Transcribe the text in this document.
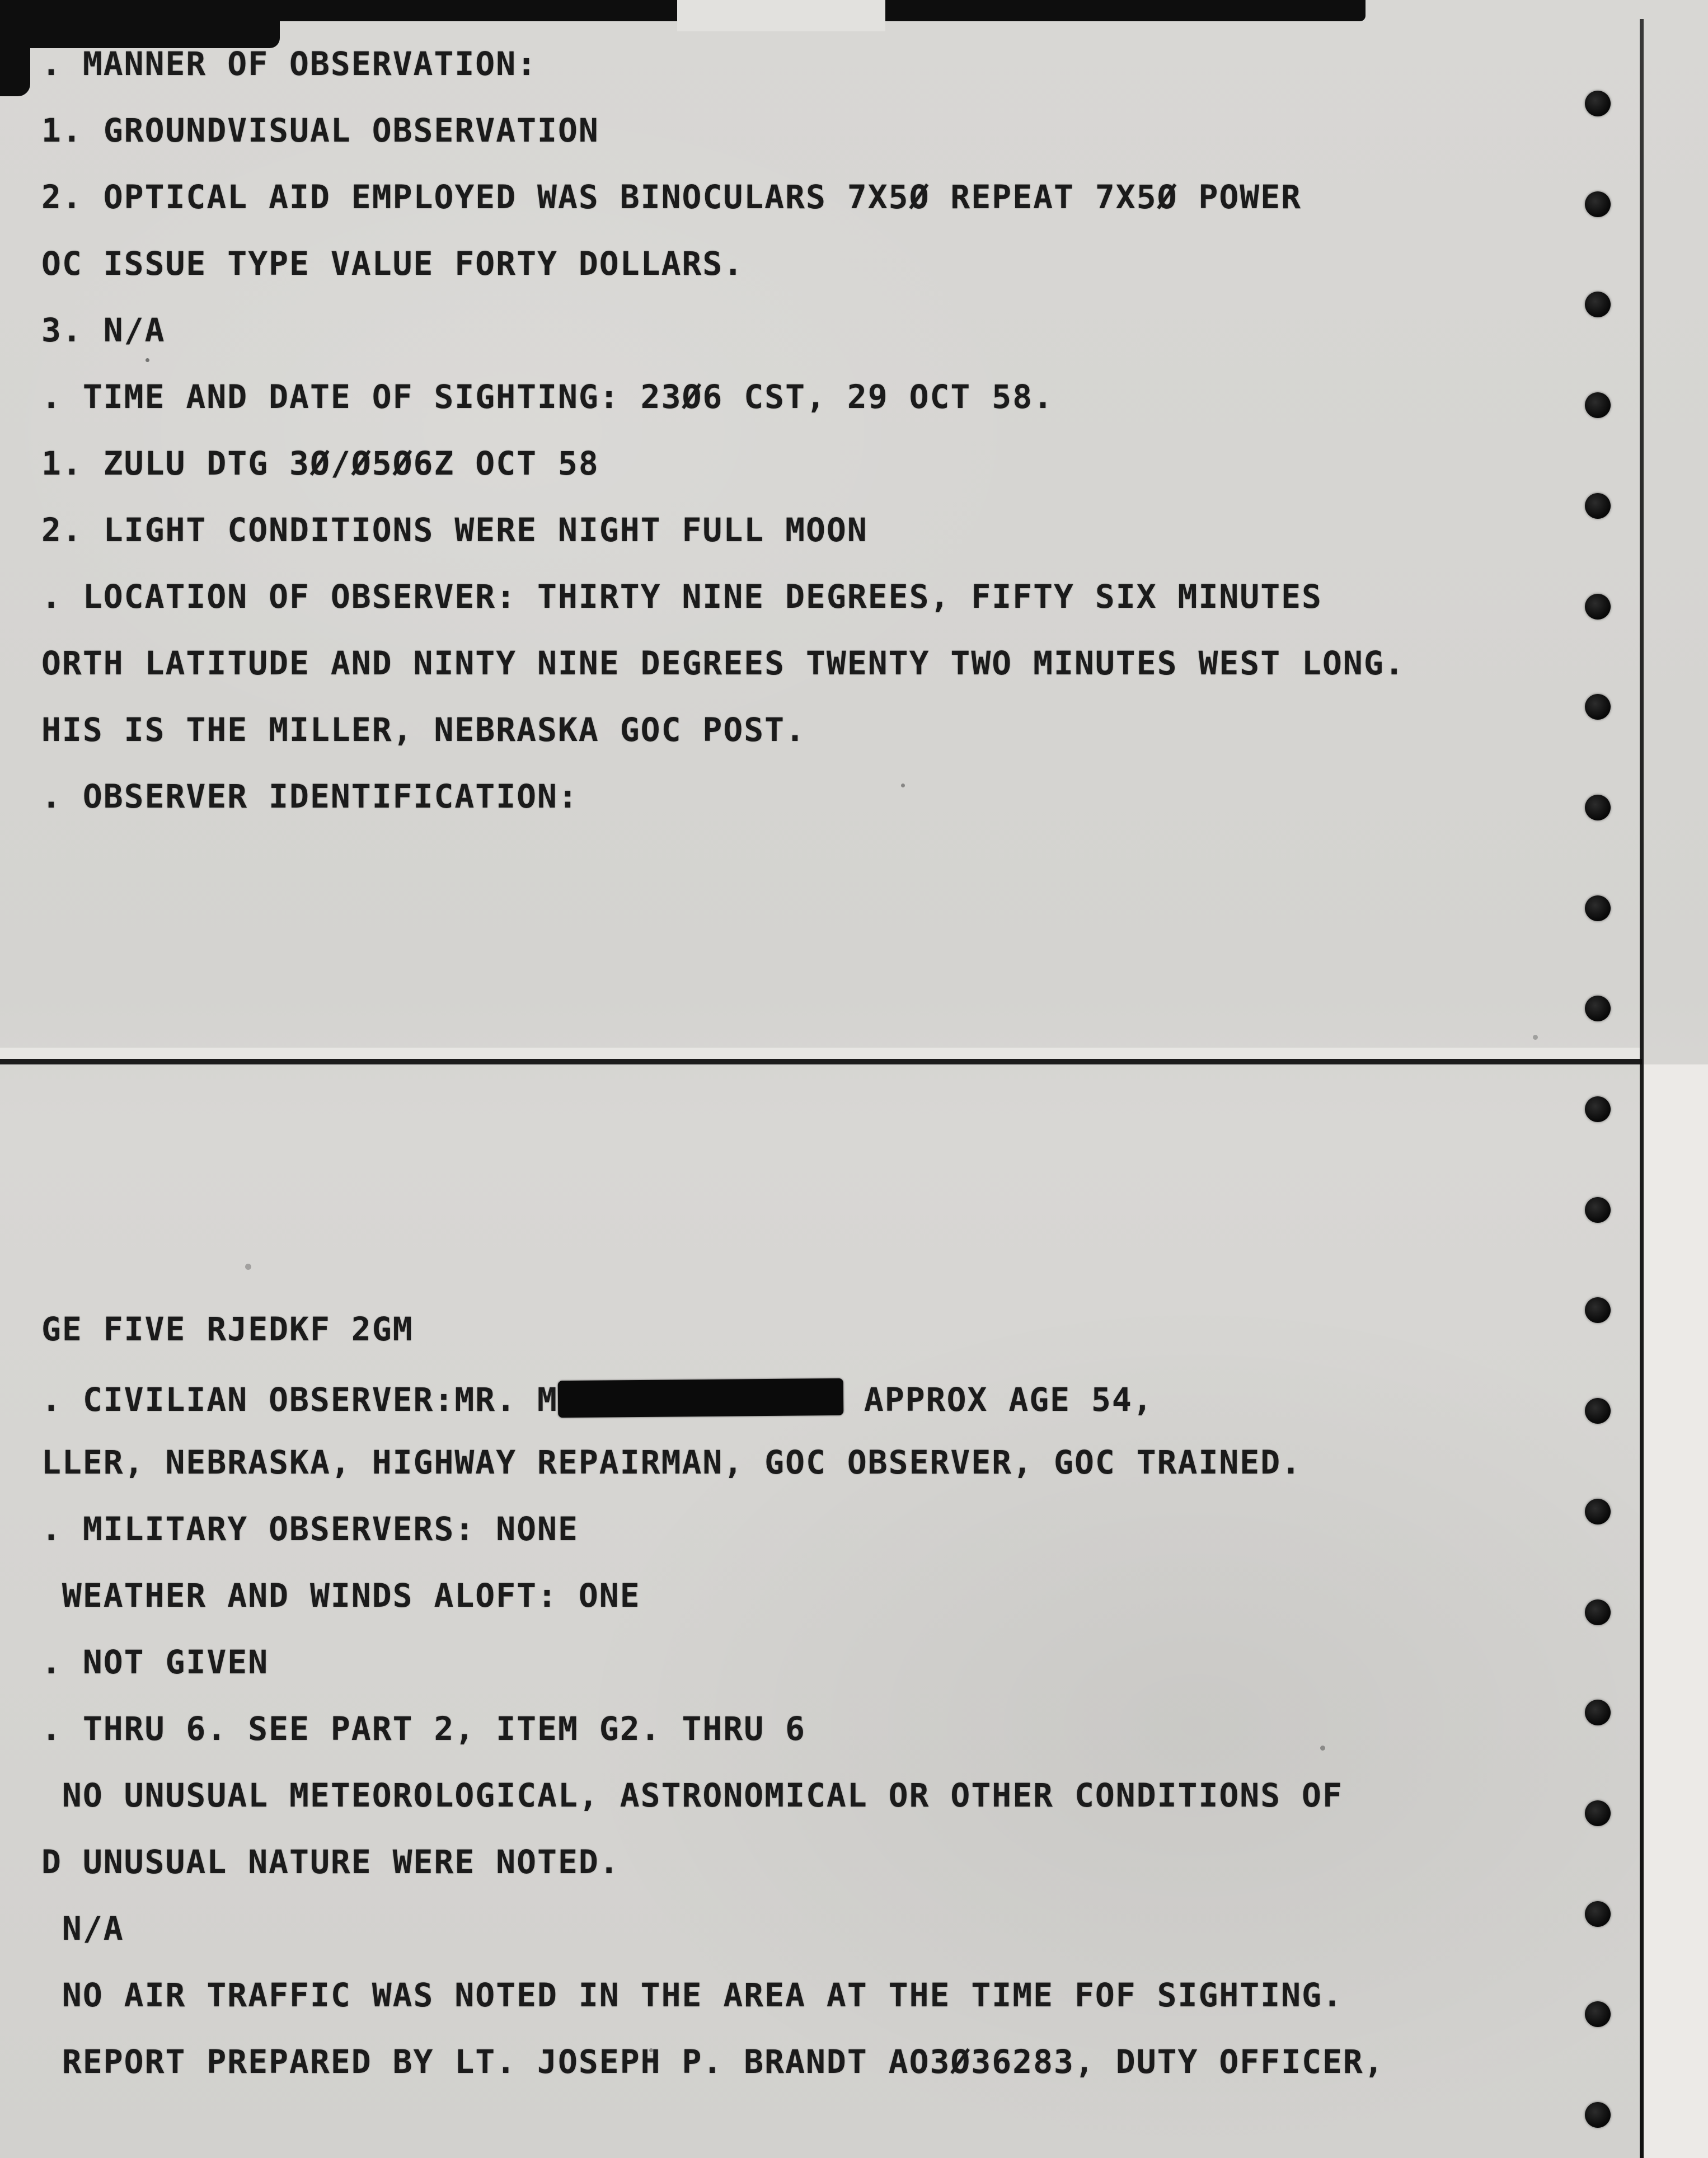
. MANNER OF OBSERVATION:
1. GROUNDVISUAL OBSERVATION
2. OPTICAL AID EMPLOYED WAS BINOCULARS 7X5Ø REPEAT 7X5Ø POWER
OC ISSUE TYPE VALUE FORTY DOLLARS.
3. N/A
. TIME AND DATE OF SIGHTING: 23Ø6 CST, 29 OCT 58.
1. ZULU DTG 3Ø/Ø5Ø6Z OCT 58
2. LIGHT CONDITIONS WERE NIGHT FULL MOON
. LOCATION OF OBSERVER: THIRTY NINE DEGREES, FIFTY SIX MINUTES
ORTH LATITUDE AND NINTY NINE DEGREES TWENTY TWO MINUTES WEST LONG.
HIS IS THE MILLER, NEBRASKA GOC POST.
. OBSERVER IDENTIFICATION:
GE FIVE RJEDKF 2GM
. CIVILIAN OBSERVER:MR. M	APPROX AGE 54,
LLER, NEBRASKA, HIGHWAY REPAIRMAN, GOC OBSERVER, GOC TRAINED.
. MILITARY OBSERVERS: NONE
WEATHER AND WINDS ALOFT: ONE
. NOT GIVEN
. THRU 6. SEE PART 2, ITEM G2. THRU 6
NO UNUSUAL METEOROLOGICAL, ASTRONOMICAL OR OTHER CONDITIONS OF
D UNUSUAL NATURE WERE NOTED.
N/A
NO AIR TRAFFIC WAS NOTED IN THE AREA AT THE TIME FOF SIGHTING.
REPORT PREPARED BY LT. JOSEPH P. BRANDT AO3Ø36283, DUTY OFFICER,
